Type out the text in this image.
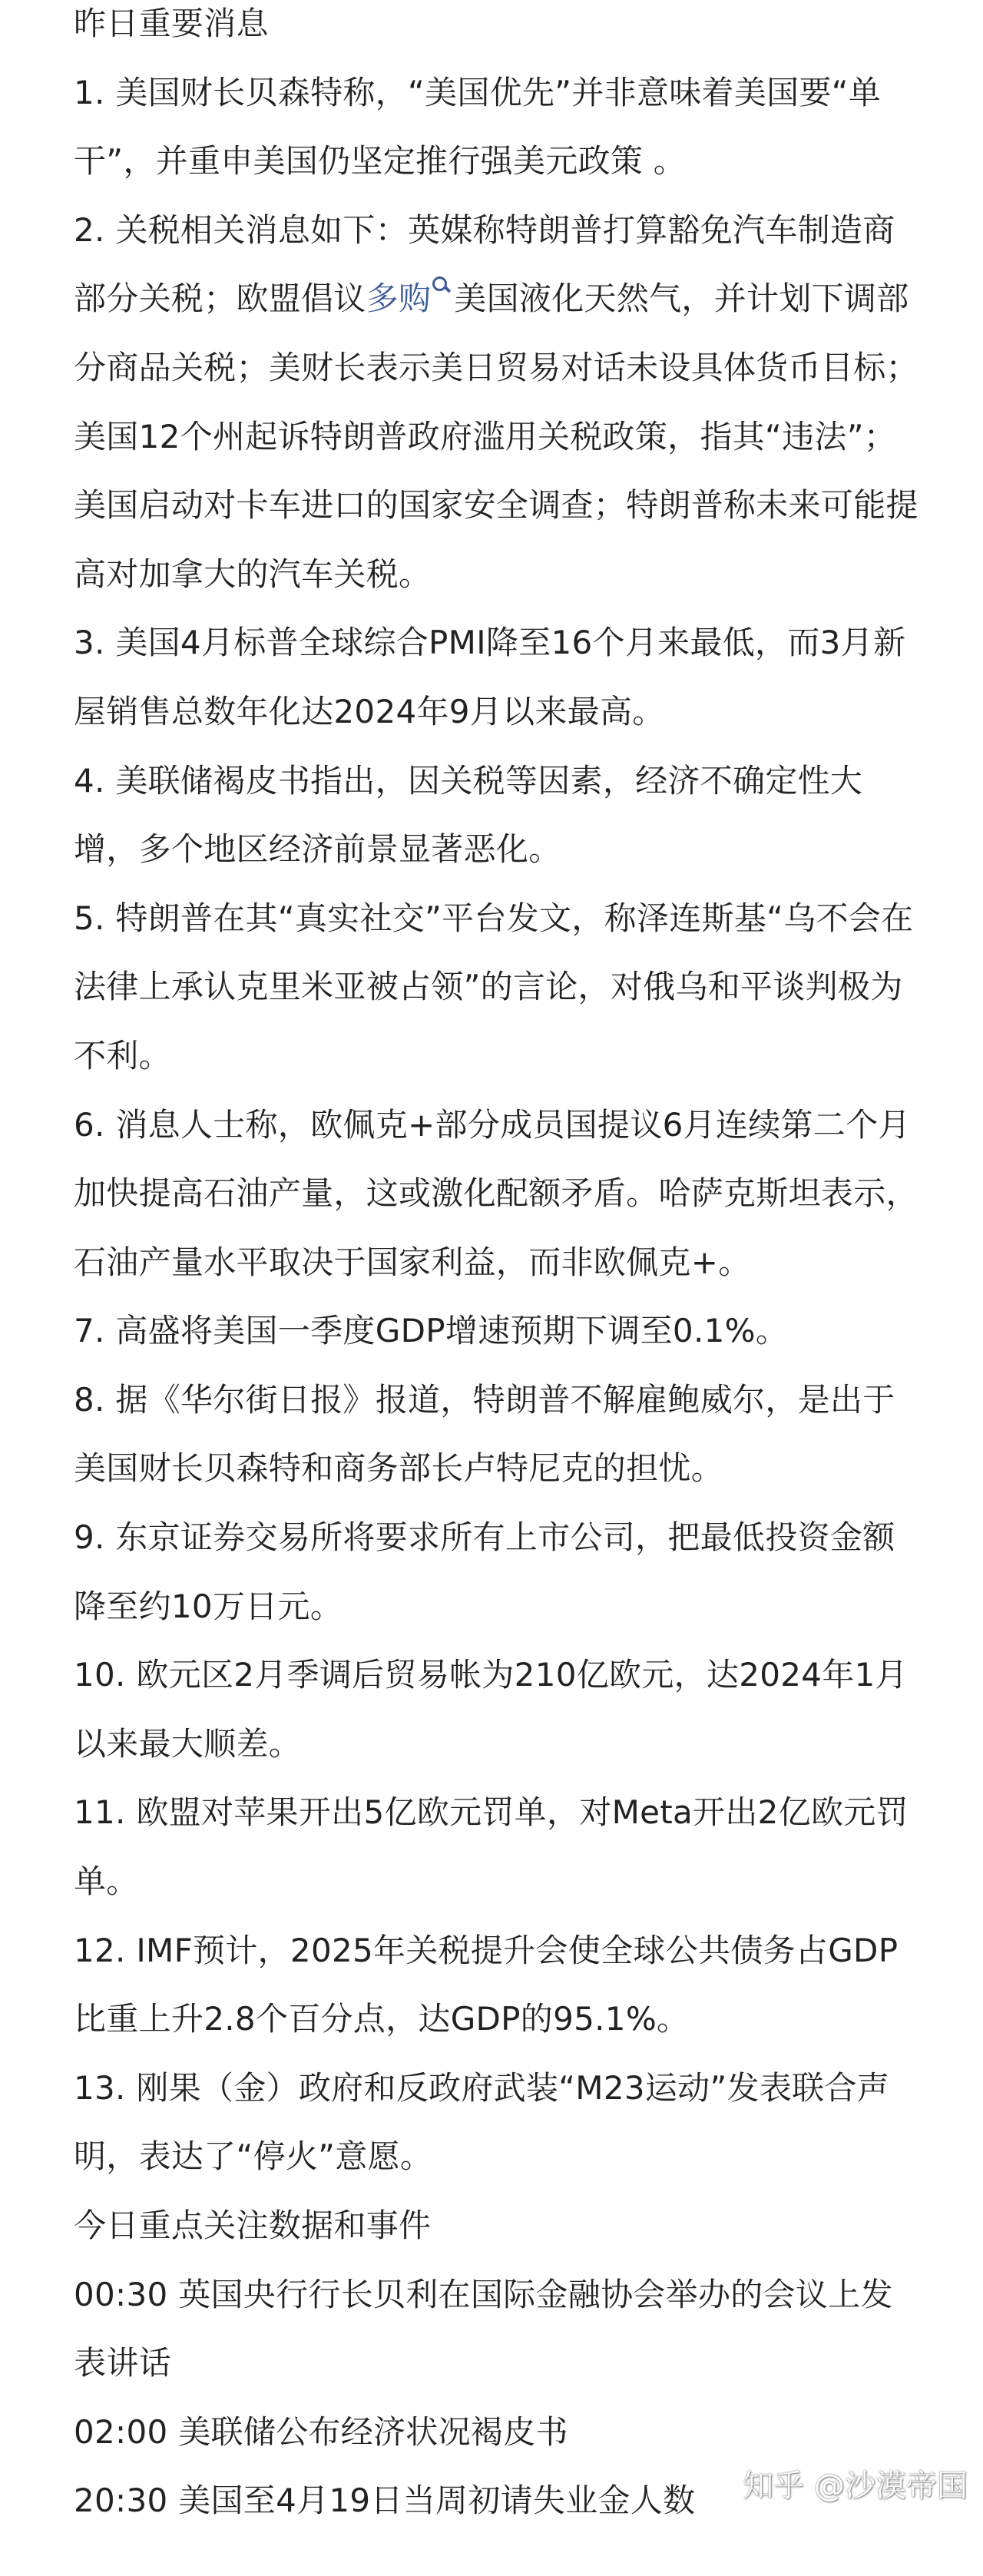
昨日重要消息

1. 美国财长贝森特称，“美国优先”并非意味着美国要“单干”，并重申美国仍坚定推行强美元政策 。

2. 关税相关消息如下：英媒称特朗普打算豁免汽车制造商部分关税；欧盟倡议多购 美国液化天然气，并计划下调部分商品关税；美财长表示美日贸易对话未设具体货币目标；美国12个州起诉特朗普政府滥用关税政策，指其“违法”；美国启动对卡车进口的国家安全调查；特朗普称未来可能提高对加拿大的汽车关税。

3. 美国4月标普全球综合PMI降至16个月来最低，而3月新屋销售总数年化达2024年9月以来最高。

4. 美联储褐皮书指出，因关税等因素，经济不确定性大增，多个地区经济前景显著恶化。

5. 特朗普在其“真实社交”平台发文，称泽连斯基“乌不会在法律上承认克里米亚被占领”的言论，对俄乌和平谈判极为不利。

6. 消息人士称，欧佩克+部分成员国提议6月连续第二个月加快提高石油产量，这或激化配额矛盾。哈萨克斯坦表示，石油产量水平取决于国家利益，而非欧佩克+。

7. 高盛将美国一季度GDP增速预期下调至0.1%。

8. 据《华尔街日报》报道，特朗普不解雇鲍威尔，是出于美国财长贝森特和商务部长卢特尼克的担忧。

9. 东京证券交易所将要求所有上市公司，把最低投资金额降至约10万日元。

10. 欧元区2月季调后贸易帐为210亿欧元，达2024年1月以来最大顺差。

11. 欧盟对苹果开出5亿欧元罚单，对Meta开出2亿欧元罚单。

12. IMF预计，2025年关税提升会使全球公共债务占GDP比重上升2.8个百分点，达GDP的95.1%。

13. 刚果（金）政府和反政府武装“M23运动”发表联合声明，表达了“停火”意愿。

今日重点关注数据和事件

00:30 英国央行行长贝利在国际金融协会举办的会议上发表讲话

02:00 美联储公布经济状况褐皮书

20:30 美国至4月19日当周初请失业金人数	知乎 @沙漠帝国
